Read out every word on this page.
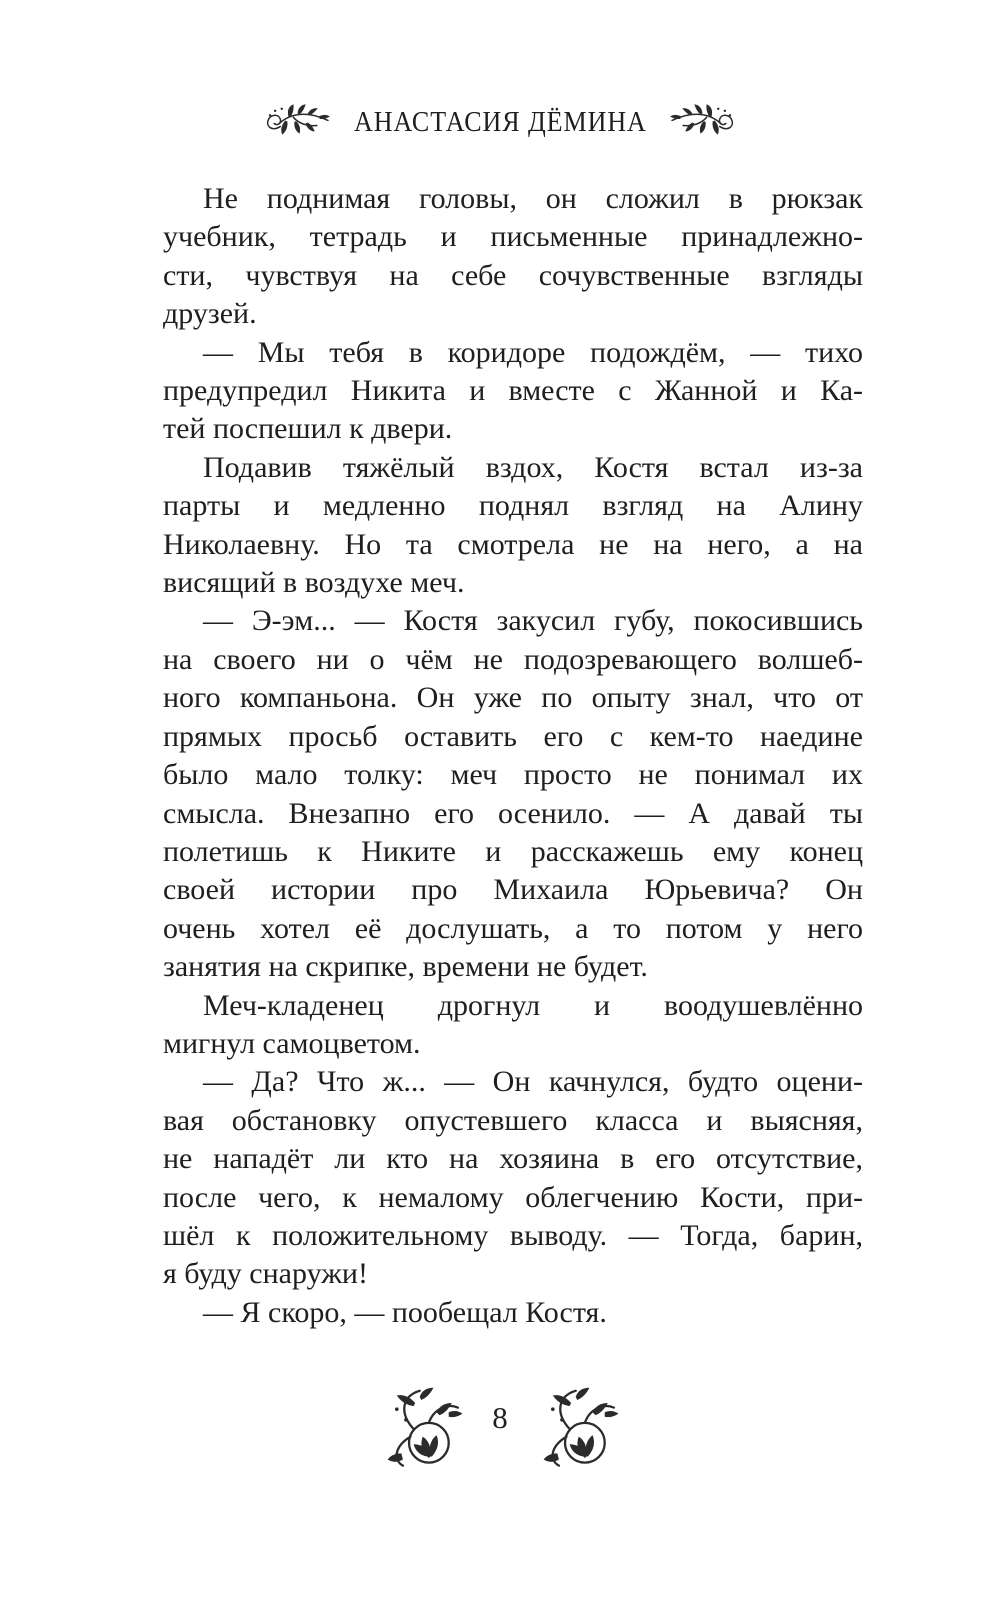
АНАСТАСИЯ ДЁМИНА
Не поднимая головы, он сложил в рюкзак
учебник, тетрадь и письменные принадлежно-
сти, чувствуя на себе сочувственные взгляды
друзей.
— Мы тебя в коридоре подождём, — тихо
предупредил Никита и вместе с Жанной и Ка-
тей поспешил к двери.
Подавив тяжёлый вздох, Костя встал из-за
парты и медленно поднял взгляд на Алину
Николаевну. Но та смотрела не на него, а на
висящий в воздухе меч.
— Э-эм... — Костя закусил губу, покосившись
на своего ни о чём не подозревающего волшеб-
ного компаньона. Он уже по опыту знал, что от
прямых просьб оставить его с кем-то наедине
было мало толку: меч просто не понимал их
смысла. Внезапно его осенило. — А давай ты
полетишь к Никите и расскажешь ему конец
своей истории про Михаила Юрьевича? Он
очень хотел её дослушать, а то потом у него
занятия на скрипке, времени не будет.
Меч-кладенец дрогнул и воодушевлённо
мигнул самоцветом.
— Да? Что ж... — Он качнулся, будто оцени-
вая обстановку опустевшего класса и выясняя,
не нападёт ли кто на хозяина в его отсутствие,
после чего, к немалому облегчению Кости, при-
шёл к положительному выводу. — Тогда, барин,
я буду снаружи!
— Я скоро, — пообещал Костя.
8
